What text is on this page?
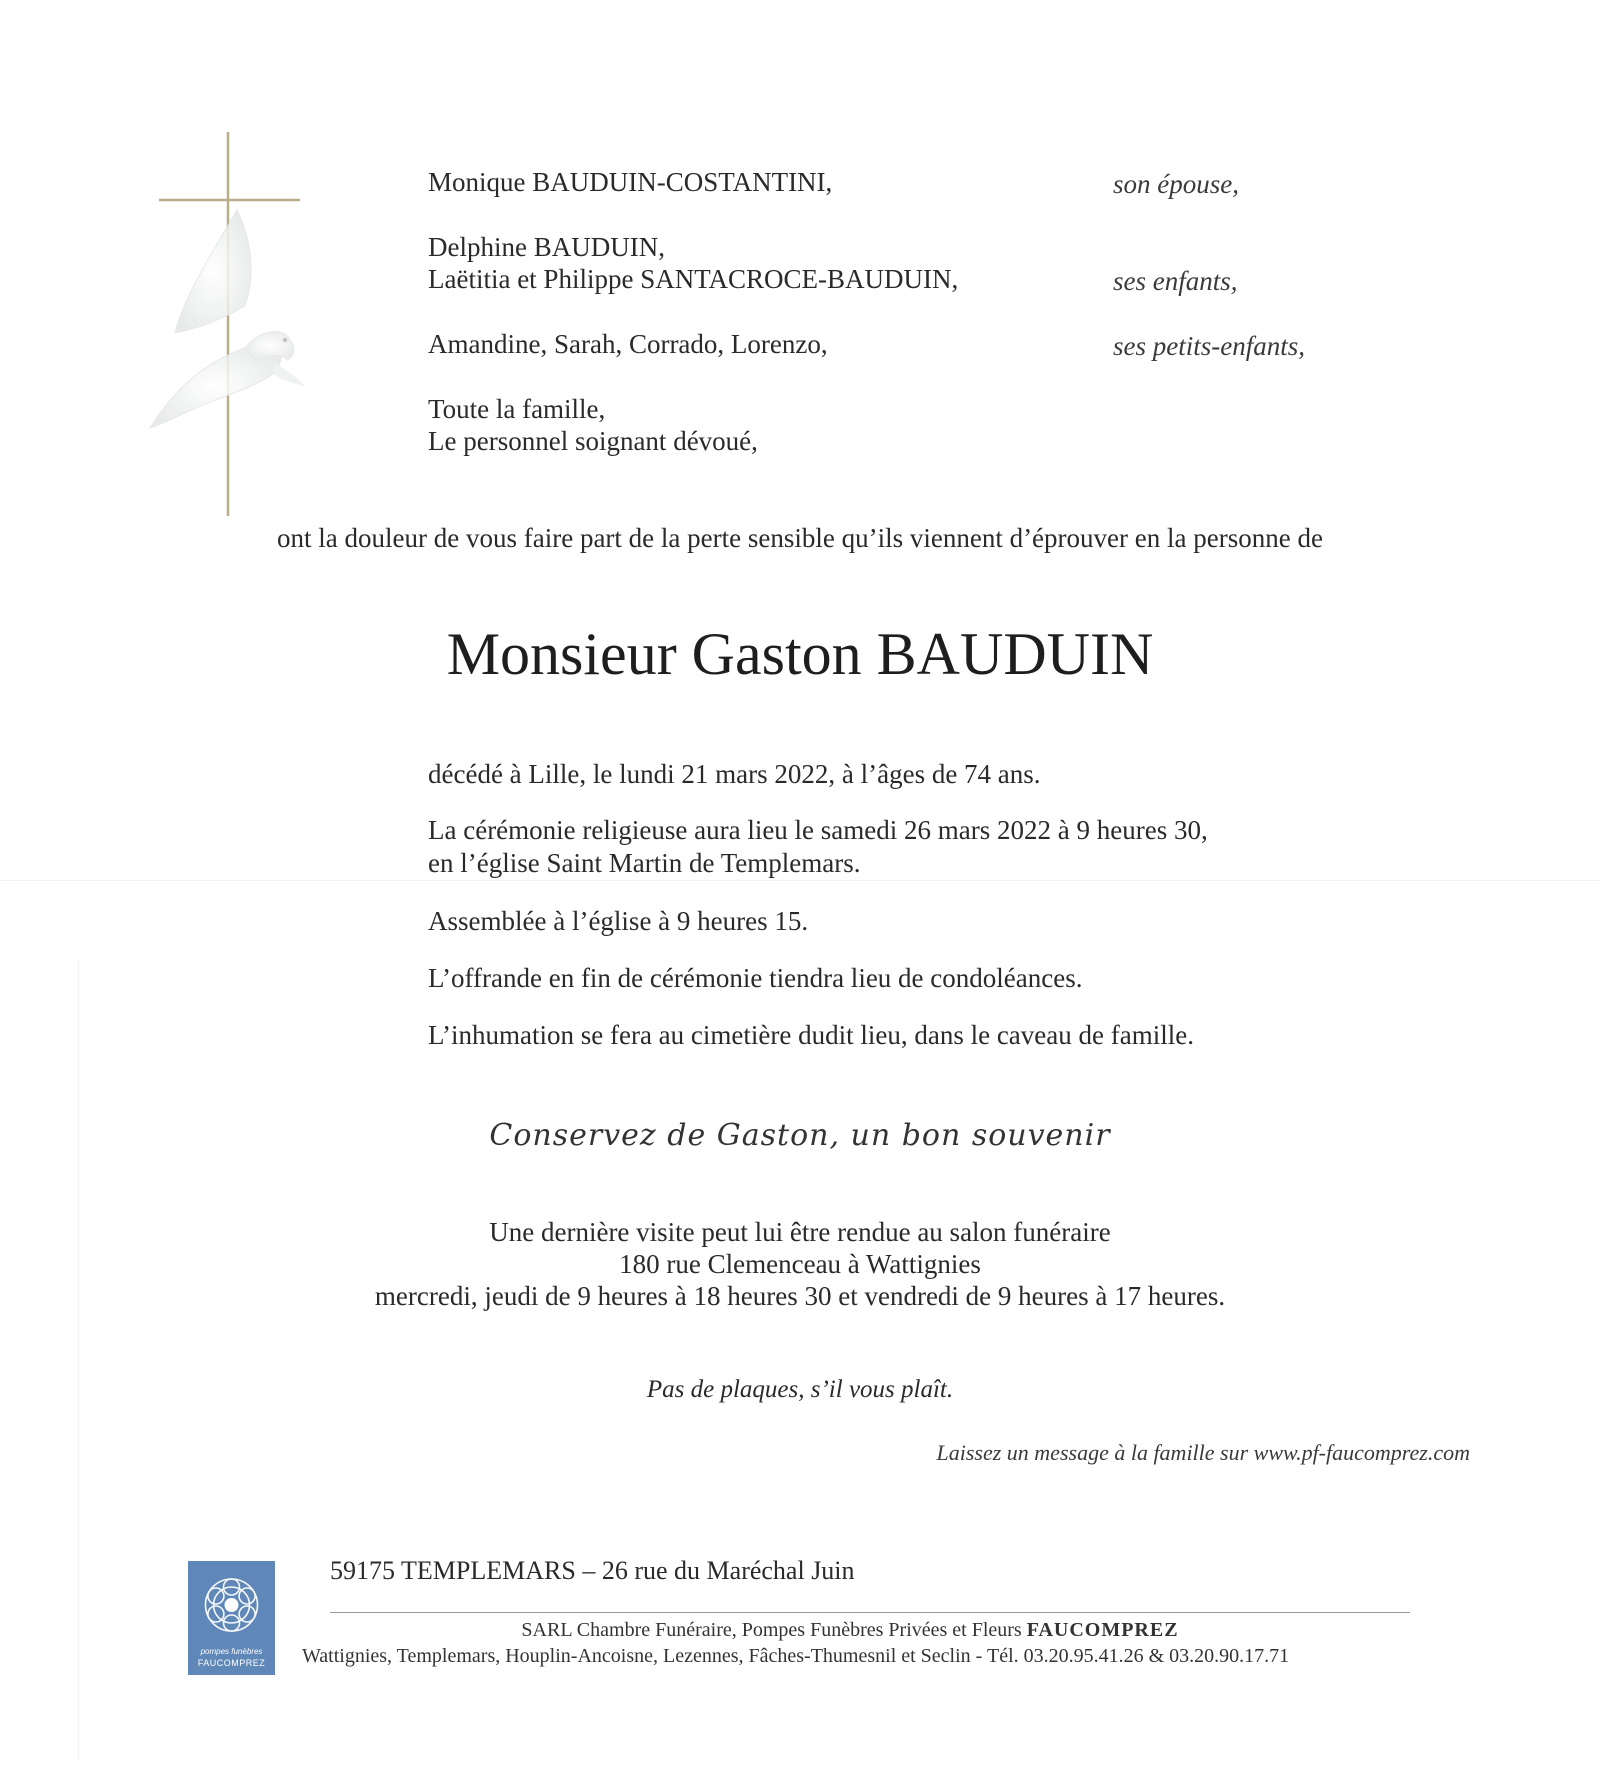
Monique BAUDUIN-COSTANTINI,	son épouse,
Delphine BAUDUIN,
Laëtitia et Philippe SANTACROCE-BAUDUIN,	ses enfants,
Amandine, Sarah, Corrado, Lorenzo,	ses petits-enfants,
Toute la famille,
Le personnel soignant dévoué,
ont la douleur de vous faire part de la perte sensible qu’ils viennent d’éprouver en la personne de
Monsieur Gaston BAUDUIN
décédé à Lille, le lundi 21 mars 2022, à l’âges de 74 ans.
La cérémonie religieuse aura lieu le samedi 26 mars 2022 à 9 heures 30,
en l’église Saint Martin de Templemars.
Assemblée à l’église à 9 heures 15.
L’offrande en fin de cérémonie tiendra lieu de condoléances.
L’inhumation se fera au cimetière dudit lieu, dans le caveau de famille.
Conservez de Gaston, un bon souvenir
Une dernière visite peut lui être rendue au salon funéraire
180 rue Clemenceau à Wattignies
mercredi, jeudi de 9 heures à 18 heures 30 et vendredi de 9 heures à 17 heures.
Pas de plaques, s’il vous plaît.
Laissez un message à la famille sur www.pf-faucomprez.com
pompes funèbres
FAUCOMPREZ
59175 TEMPLEMARS – 26 rue du Maréchal Juin
SARL Chambre Funéraire, Pompes Funèbres Privées et Fleurs FAUCOMPREZ
Wattignies, Templemars, Houplin-Ancoisne, Lezennes, Fâches-Thumesnil et Seclin - Tél. 03.20.95.41.26 & 03.20.90.17.71
